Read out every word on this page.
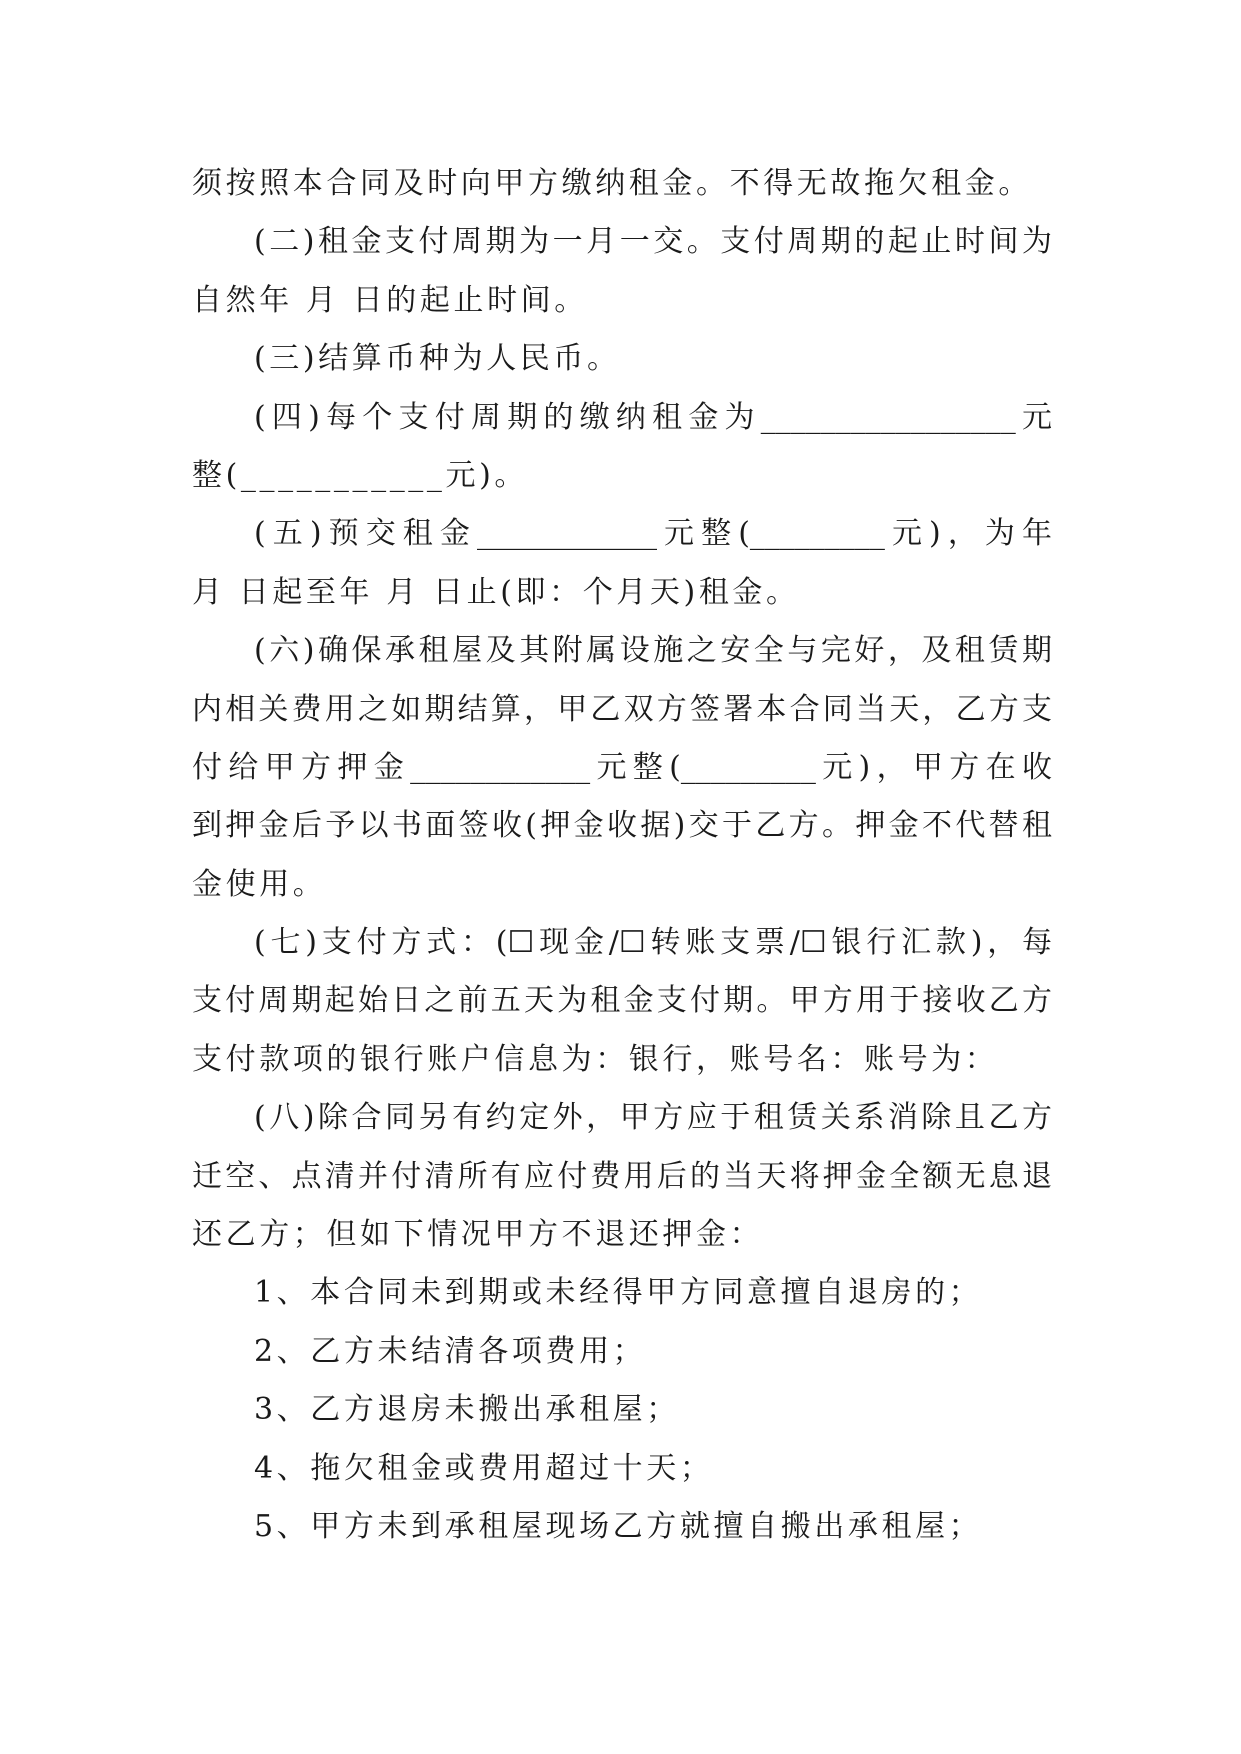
须按照本合同及时向甲方缴纳租金。不得无故拖欠租金。
(二)租金支付周期为一月一交。支付周期的起止时间为
自然年 月 日的起止时间。
(三)结算币种为人民币。
(四)每个支付周期的缴纳租金为_________________元
整(___________元)。
(五)预交租金____________元整(_________元)，为年
月 日起至年 月 日止(即：个月天)租金。
(六)确保承租屋及其附属设施之安全与完好，及租赁期
内相关费用之如期结算，甲乙双方签署本合同当天，乙方支
付给甲方押金____________元整(_________元)，甲方在收
到押金后予以书面签收(押金收据)交于乙方。押金不代替租
金使用。
(七)支付方式：(☐现金/☐转账支票/☐银行汇款)，每
支付周期起始日之前五天为租金支付期。甲方用于接收乙方
支付款项的银行账户信息为：银行，账号名：账号为：
(八)除合同另有约定外，甲方应于租赁关系消除且乙方
迁空、点清并付清所有应付费用后的当天将押金全额无息退
还乙方；但如下情况甲方不退还押金：
1、本合同未到期或未经得甲方同意擅自退房的；
2、乙方未结清各项费用；
3、乙方退房未搬出承租屋；
4、拖欠租金或费用超过十天；
5、甲方未到承租屋现场乙方就擅自搬出承租屋；
